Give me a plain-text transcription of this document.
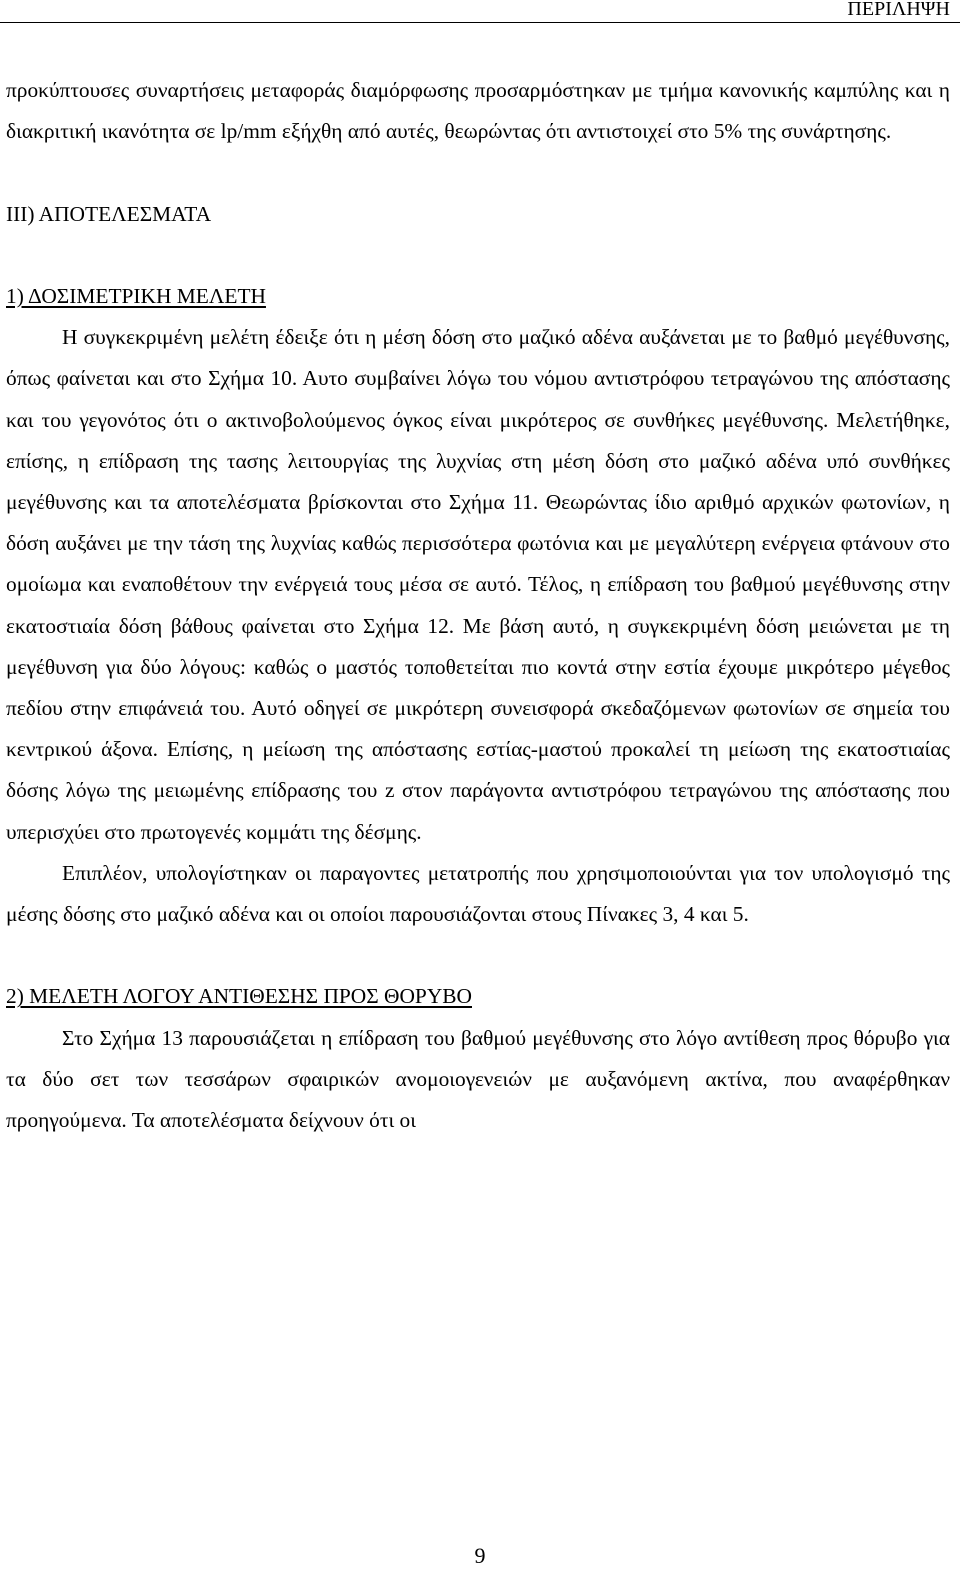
ΠΕΡΙΛΗΨΗ

προκύπτουσες συναρτήσεις μεταφοράς διαμόρφωσης προσαρμόστηκαν με τμήμα κανονικής καμπύλης και η διακριτική ικανότητα σε lp/mm εξήχθη από αυτές, θεωρώντας ότι αντιστοιχεί στο 5% της συνάρτησης.

ΙΙΙ) ΑΠΟΤΕΛΕΣΜΑΤΑ

1) ΔΟΣΙΜΕΤΡΙΚΗ ΜΕΛΕΤΗ

Η συγκεκριμένη μελέτη έδειξε ότι η μέση δόση στο μαζικό αδένα αυξάνεται με το βαθμό μεγέθυνσης, όπως φαίνεται και στο Σχήμα 10. Αυτο συμβαίνει λόγω του νόμου αντιστρόφου τετραγώνου της απόστασης και του γεγονότος ότι ο ακτινοβολούμενος όγκος είναι μικρότερος σε συνθήκες μεγέθυνσης. Μελετήθηκε, επίσης, η επίδραση της τασης λειτουργίας της λυχνίας στη μέση δόση στο μαζικό αδένα υπό συνθήκες μεγέθυνσης και τα αποτελέσματα βρίσκονται στο Σχήμα 11. Θεωρώντας ίδιο αριθμό αρχικών φωτονίων, η δόση αυξάνει με την τάση της λυχνίας καθώς περισσότερα φωτόνια και με μεγαλύτερη ενέργεια φτάνουν στο ομοίωμα και εναποθέτουν την ενέργειά τους μέσα σε αυτό. Τέλος, η επίδραση του βαθμού μεγέθυνσης στην εκατοστιαία δόση βάθους φαίνεται στο Σχήμα 12. Με βάση αυτό, η συγκεκριμένη δόση μειώνεται με τη μεγέθυνση για δύο λόγους: καθώς ο μαστός τοποθετείται πιο κοντά στην εστία έχουμε μικρότερο μέγεθος πεδίου στην επιφάνειά του. Αυτό οδηγεί σε μικρότερη συνεισφορά σκεδαζόμενων φωτονίων σε σημεία του κεντρικού άξονα. Επίσης, η μείωση της απόστασης εστίας-μαστού προκαλεί τη μείωση της εκατοστιαίας δόσης λόγω της μειωμένης επίδρασης του z στον παράγοντα αντιστρόφου τετραγώνου της απόστασης που υπερισχύει στο πρωτογενές κομμάτι της δέσμης.

Επιπλέον, υπολογίστηκαν οι παραγοντες μετατροπής που χρησιμοποιούνται για τον υπολογισμό της μέσης δόσης στο μαζικό αδένα και οι οποίοι παρουσιάζονται στους Πίνακες 3, 4 και 5.

2) ΜΕΛΕΤΗ ΛΟΓΟΥ ΑΝΤΙΘΕΣΗΣ ΠΡΟΣ ΘΟΡΥΒΟ

Στο Σχήμα 13 παρουσιάζεται η επίδραση του βαθμού μεγέθυνσης στο λόγο αντίθεση προς θόρυβο για τα δύο σετ των τεσσάρων σφαιρικών ανομοιογενειών με αυξανόμενη ακτίνα, που αναφέρθηκαν προηγούμενα. Τα αποτελέσματα δείχνουν ότι οι

9
